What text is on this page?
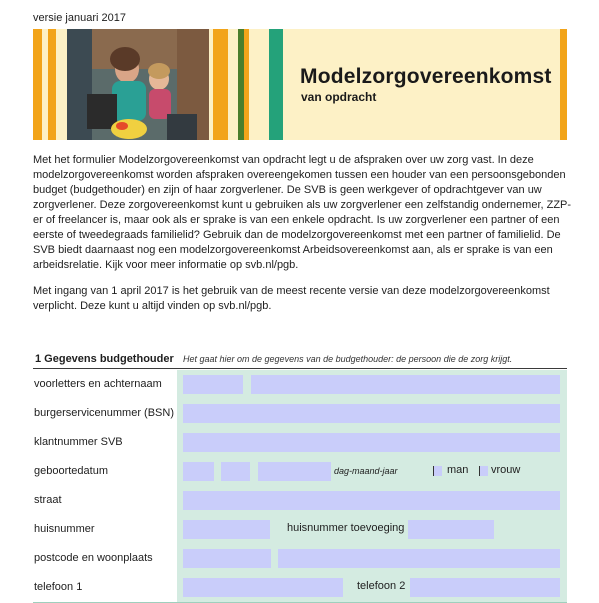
versie januari 2017
Modelzorgovereenkomst
van opdracht

Met het formulier Modelzorgovereenkomst van opdracht legt u de afspraken over uw zorg vast. In deze modelzorgovereenkomst worden afspraken overeengekomen tussen een houder van een persoonsgebonden budget (budgethouder) en zijn of haar zorgverlener. De SVB is geen werkgever of opdrachtgever van uw zorgverlener. Deze zorgovereenkomst kunt u gebruiken als uw zorgverlener een zelfstandig ondernemer, ZZP-er of freelancer is, maar ook als er sprake is van een enkele opdracht. Is uw zorgverlener een partner of een eerste of tweedegraads familielid? Gebruik dan de modelzorgovereenkomst met een partner of familielid. De SVB biedt daarnaast nog een modelzorgovereenkomst Arbeidsovereenkomst aan, als er sprake is van een arbeidsrelatie. Kijk voor meer informatie op svb.nl/pgb.

Met ingang van 1 april 2017 is het gebruik van de meest recente versie van deze modelzorgovereenkomst verplicht. Deze kunt u altijd vinden op svb.nl/pgb.
1 Gegevens budgethouder Het gaat hier om de gegevens van de budgethouder: de persoon die de zorg krijgt.
voorletters en achternaam
burgerservicenummer (BSN)
klantnummer SVB
geboortedatum	dag-maand-jaar	man vrouw
straat
huisnummer	huisnummer toevoeging
postcode en woonplaats
telefoon 1	telefoon 2
